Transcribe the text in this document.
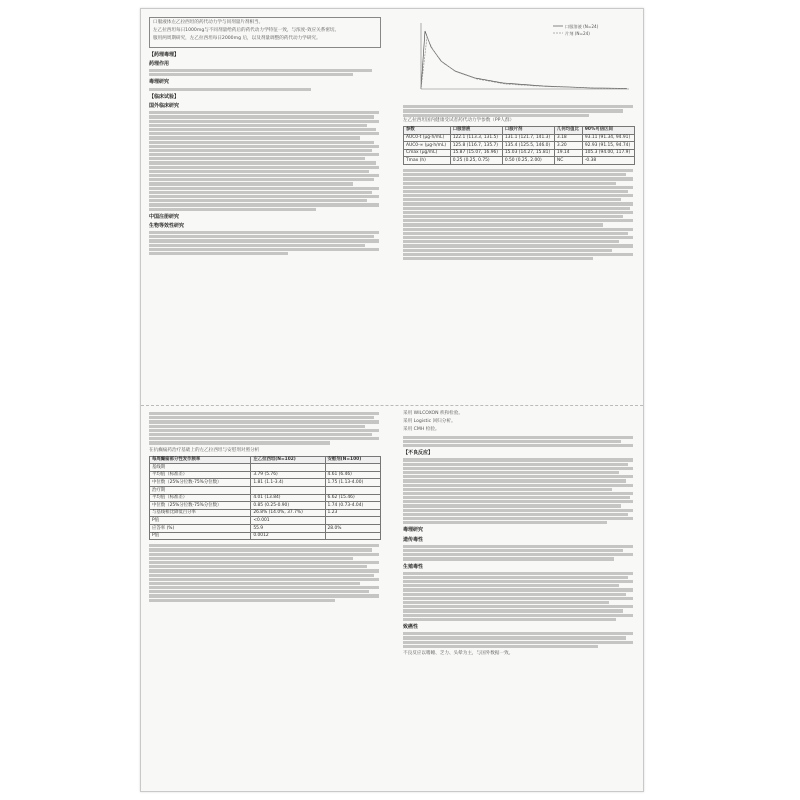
口服液体左乙拉西坦的药代动力学与同剂量片剂相当。

左乙拉西坦每日1000mg与不同剂量给药后的药代动力学特征一致，与浓度-效应关系密切。

服用两周期研究，左乙拉西坦每日2000mg 后，以及剂量调整的药代动力学研究。

【药理毒理】
药理作用
毒理研究
【临床试验】
国外临床研究
中国注册研究
生物等效性研究
口服溶液 (N=24)
片剂 (N=24)

左乙拉西坦国内健康受试者药代动力学参数（PP人群）

参数	口服溶液	口服片剂	几何均值比	90%可信区间
AUC0-t (μg·h/mL)	122.1 (113.3, 131.5)	131.1 (121.7, 141.3)	3.18	93.11 (91.34, 94.91)
AUC0-∞ (μg·h/mL)	125.8 (116.7, 135.7)	135.4 (125.5, 146.0)	3.20	92.93 (91.15, 94.74)
Cmax (μg/mL)	15.87 (15.07, 16.96)	15.03 (14.27, 15.81)	19.14	105.3 (94.00, 117.9)
Tmax (h)	0.25 (0.25, 0.75)	0.50 (0.25, 2.00)	NC	-0.38

在抗癫痫药治疗基础上的左乙拉西坦与安慰剂对照分析

每周癫痫部分性发作频率	左乙拉西坦(N=102)	安慰剂(N=100)
基线期		
平均值（标准差）	3.79 (5.76)	4.61 (6.46)
中位数（25%分位数-75%分位数）	1.81 (1.1-3.4)	1.75 (1.13-4.00)
治疗期		
平均值（标准差）	4.01 (13.84)	6.62 (15.46)
中位数（25%分位数-75%分位数）	0.85 (0.25-0.90)	1.74 (0.73-4.04)
与基线相比降低百分率	26.8% (14.0%, 37.7%)	1.23
P值	<0.001	
应答率 (%)	55.9	28.0%
P值	0.0012	

采用 WILCOXON 秩和检验。

采用 Logistic 回归分析。

采用 CMH 检验。

【不良反应】
毒理研究
遗传毒性
生殖毒性
致癌性

不良反应以嗜睡、乏力、头晕为主，与国外数据一致。
